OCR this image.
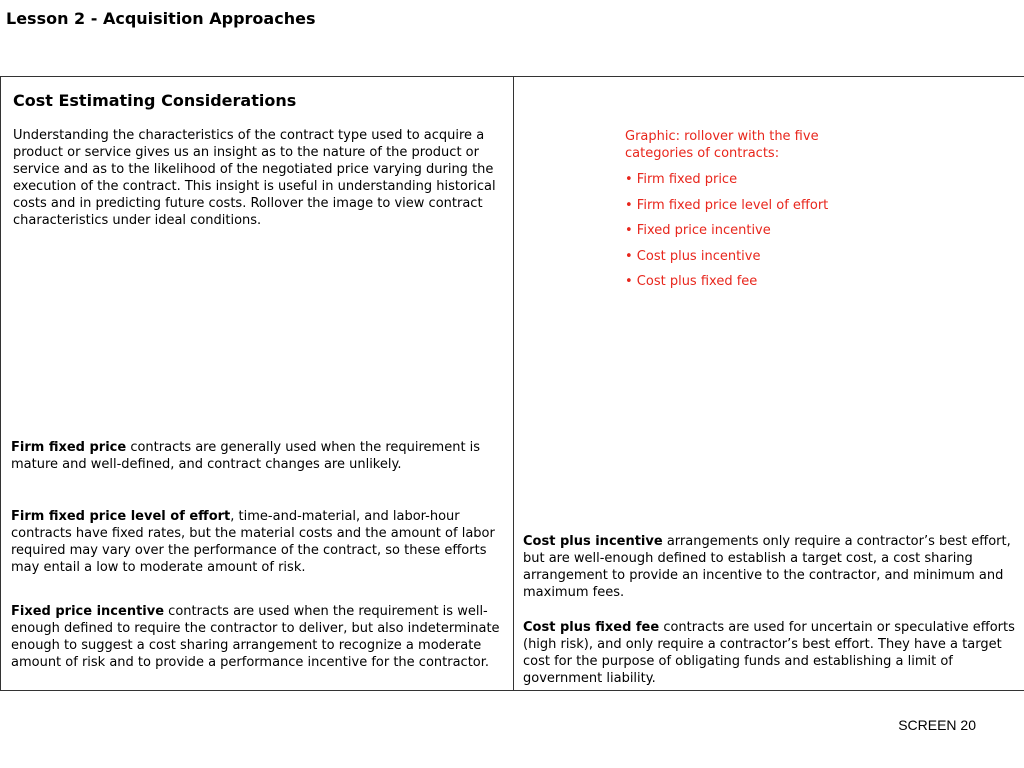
Lesson 2 - Acquisition Approaches
Cost Estimating Considerations

Understanding the characteristics of the contract type used to acquire a product or service gives us an insight as to the nature of the product or service and as to the likelihood of the negotiated price varying during the execution of the contract. This insight is useful in understanding historical costs and in predicting future costs. Rollover the image to view contract characteristics under ideal conditions.

Graphic: rollover with the five categories of contracts:
• Firm fixed price
• Firm fixed price level of effort
• Fixed price incentive
• Cost plus incentive
• Cost plus fixed fee

Firm fixed price contracts are generally used when the requirement is mature and well-defined, and contract changes are unlikely.

Firm fixed price level of effort, time-and-material, and labor-hour contracts have fixed rates, but the material costs and the amount of labor required may vary over the performance of the contract, so these efforts may entail a low to moderate amount of risk.

Fixed price incentive contracts are used when the requirement is well-enough defined to require the contractor to deliver, but also indeterminate enough to suggest a cost sharing arrangement to recognize a moderate amount of risk and to provide a performance incentive for the contractor.

Cost plus incentive arrangements only require a contractor’s best effort, but are well-enough defined to establish a target cost, a cost sharing arrangement to provide an incentive to the contractor, and minimum and maximum fees.

Cost plus fixed fee contracts are used for uncertain or speculative efforts (high risk), and only require a contractor’s best effort. They have a target cost for the purpose of obligating funds and establishing a limit of government liability.

SCREEN 20
